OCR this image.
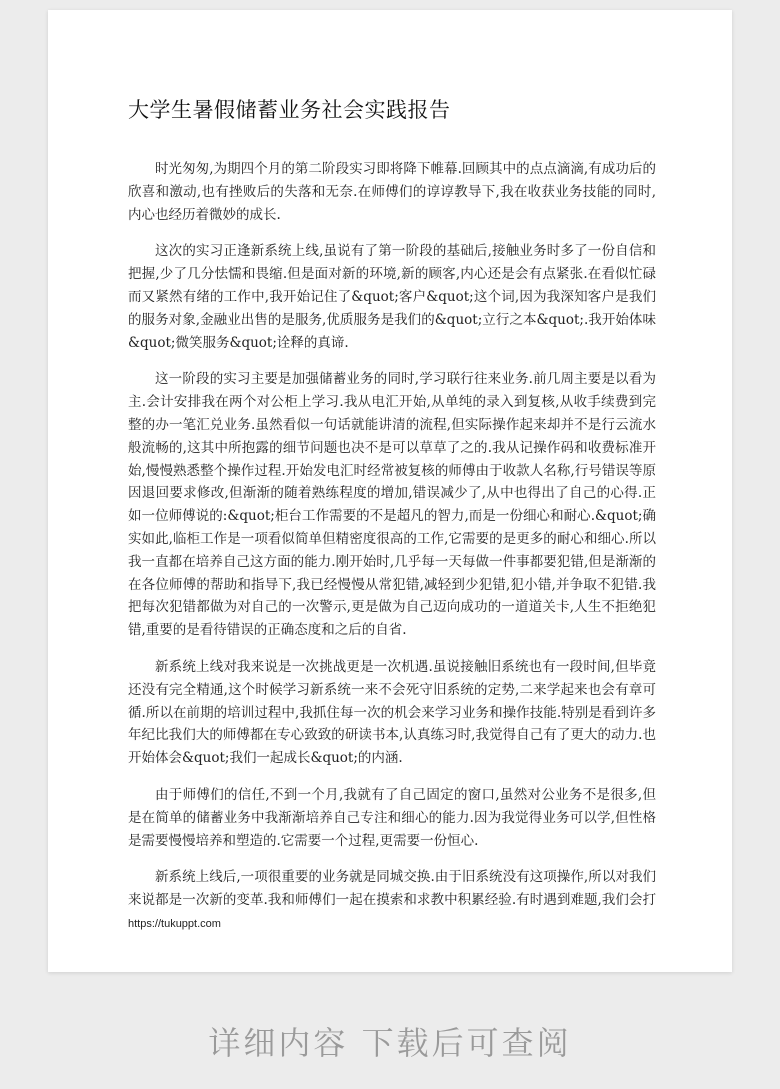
大学生暑假储蓄业务社会实践报告

时光匆匆,为期四个月的第二阶段实习即将降下帷幕.回顾其中的点点滴滴,有成功后的欣喜和激动,也有挫败后的失落和无奈.在师傅们的谆谆教导下,我在收获业务技能的同时,内心也经历着微妙的成长.

这次的实习正逢新系统上线,虽说有了第一阶段的基础后,接触业务时多了一份自信和把握,少了几分怯懦和畏缩.但是面对新的环境,新的顾客,内心还是会有点紧张.在看似忙碌而又紧然有绪的工作中,我开始记住了&quot;客户&quot;这个词,因为我深知客户是我们的服务对象,金融业出售的是服务,优质服务是我们的&quot;立行之本&quot;.我开始体味&quot;微笑服务&quot;诠释的真谛.

这一阶段的实习主要是加强储蓄业务的同时,学习联行往来业务.前几周主要是以看为主.会计安排我在两个对公柜上学习.我从电汇开始,从单纯的录入到复核,从收手续费到完整的办一笔汇兑业务.虽然看似一句话就能讲清的流程,但实际操作起来却并不是行云流水般流畅的,这其中所抱露的细节问题也决不是可以草草了之的.我从记操作码和收费标准开始,慢慢熟悉整个操作过程.开始发电汇时经常被复核的师傅由于收款人名称,行号错误等原因退回要求修改,但渐渐的随着熟练程度的增加,错误减少了,从中也得出了自己的心得.正如一位师傅说的:&quot;柜台工作需要的不是超凡的智力,而是一份细心和耐心.&quot;确实如此,临柜工作是一项看似简单但精密度很高的工作,它需要的是更多的耐心和细心.所以我一直都在培养自己这方面的能力.刚开始时,几乎每一天每做一件事都要犯错,但是渐渐的在各位师傅的帮助和指导下,我已经慢慢从常犯错,减轻到少犯错,犯小错,并争取不犯错.我把每次犯错都做为对自己的一次警示,更是做为自己迈向成功的一道道关卡,人生不拒绝犯错,重要的是看待错误的正确态度和之后的自省.

新系统上线对我来说是一次挑战更是一次机遇.虽说接触旧系统也有一段时间,但毕竟还没有完全精通,这个时候学习新系统一来不会死守旧系统的定势,二来学起来也会有章可循.所以在前期的培训过程中,我抓住每一次的机会来学习业务和操作技能.特别是看到许多年纪比我们大的师傅都在专心致致的研读书本,认真练习时,我觉得自己有了更大的动力.也开始体会&quot;我们一起成长&quot;的内涵.

由于师傅们的信任,不到一个月,我就有了自己固定的窗口,虽然对公业务不是很多,但是在简单的储蓄业务中我渐渐培养自己专注和细心的能力.因为我觉得业务可以学,但性格是需要慢慢培养和塑造的.它需要一个过程,更需要一份恒心.

新系统上线后,一项很重要的业务就是同城交换.由于旧系统没有这项操作,所以对我们来说都是一次新的变革.我和师傅们一起在摸索和求教中积累经验.有时遇到难题,我们会打

https://tukuppt.com
详细内容 下载后可查阅
